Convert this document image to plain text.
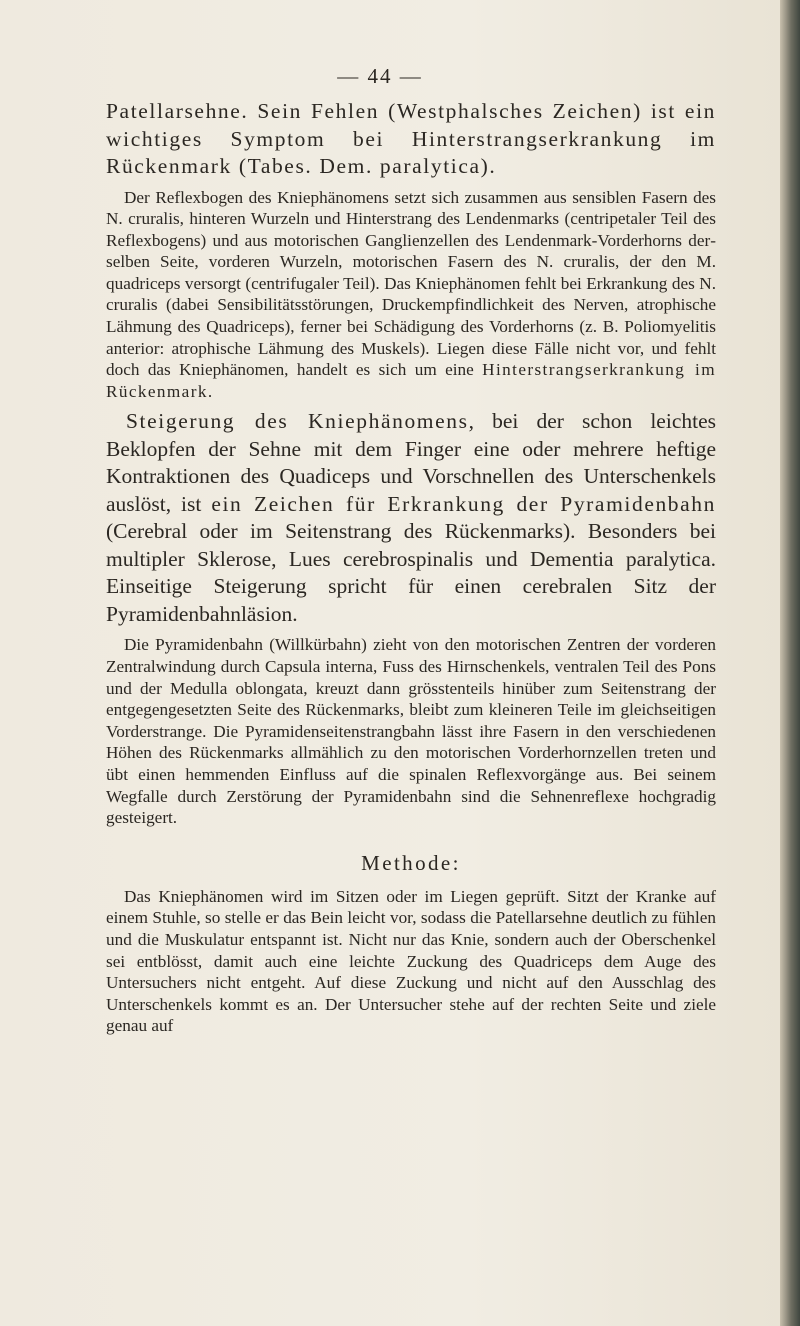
— 44 —

Patellarsehne. Sein Fehlen (Westphalsches Zeichen) ist ein wichtiges Symptom bei Hinterstrangserkrankung im Rückenmark (Tabes. Dem. paralytica).

Der Reflexbogen des Kniephänomens setzt sich zusammen aus sensiblen Fasern des N. cruralis, hinteren Wurzeln und Hinterstrang des Lendenmarks (centripetaler Teil des Reflexbogens) und aus motorischen Ganglienzellen des Lendenmark-Vorderhorns derselben Seite, vorderen Wurzeln, motorischen Fasern des N. cruralis, der den M. quadriceps versorgt (centrifugaler Teil). Das Kniephänomen fehlt bei Erkrankung des N. cruralis (dabei Sensibilitätsstörungen, Druckempfindlichkeit des Nerven, atrophische Lähmung des Quadriceps), ferner bei Schädigung des Vorderhorns (z. B. Poliomyelitis anterior: atrophische Lähmung des Muskels). Liegen diese Fälle nicht vor, und fehlt doch das Kniephänomen, handelt es sich um eine Hinterstrangserkrankung im Rückenmark.

Steigerung des Kniephänomens, bei der schon leichtes Beklopfen der Sehne mit dem Finger eine oder mehrere heftige Kontraktionen des Quadiceps und Vorschnellen des Unterschenkels auslöst, ist ein Zeichen für Erkrankung der Pyramidenbahn (Cerebral oder im Seitenstrang des Rückenmarks). Besonders bei multipler Sklerose, Lues cerebrospinalis und Dementia paralytica. Einseitige Steigerung spricht für einen cerebralen Sitz der Pyramidenbahnläsion.

Die Pyramidenbahn (Willkürbahn) zieht von den motorischen Zentren der vorderen Zentralwindung durch Capsula interna, Fuss des Hirnschenkels, ventralen Teil des Pons und der Medulla oblongata, kreuzt dann grösstenteils hinüber zum Seitenstrang der entgegengesetzten Seite des Rückenmarks, bleibt zum kleineren Teile im gleichseitigen Vorderstrange. Die Pyramidenseitenstrangbahn lässt ihre Fasern in den verschiedenen Höhen des Rückenmarks allmählich zu den motorischen Vorderhornzellen treten und übt einen hemmenden Einfluss auf die spinalen Reflexvorgänge aus. Bei seinem Wegfalle durch Zerstörung der Pyramidenbahn sind die Sehnenreflexe hochgradig gesteigert.

Methode:

Das Kniephänomen wird im Sitzen oder im Liegen geprüft. Sitzt der Kranke auf einem Stuhle, so stelle er das Bein leicht vor, sodass die Patellarsehne deutlich zu fühlen und die Muskulatur entspannt ist. Nicht nur das Knie, sondern auch der Oberschenkel sei entblösst, damit auch eine leichte Zuckung des Quadriceps dem Auge des Untersuchers nicht entgeht. Auf diese Zuckung und nicht auf den Ausschlag des Unterschenkels kommt es an. Der Untersucher stehe auf der rechten Seite und ziele genau auf
